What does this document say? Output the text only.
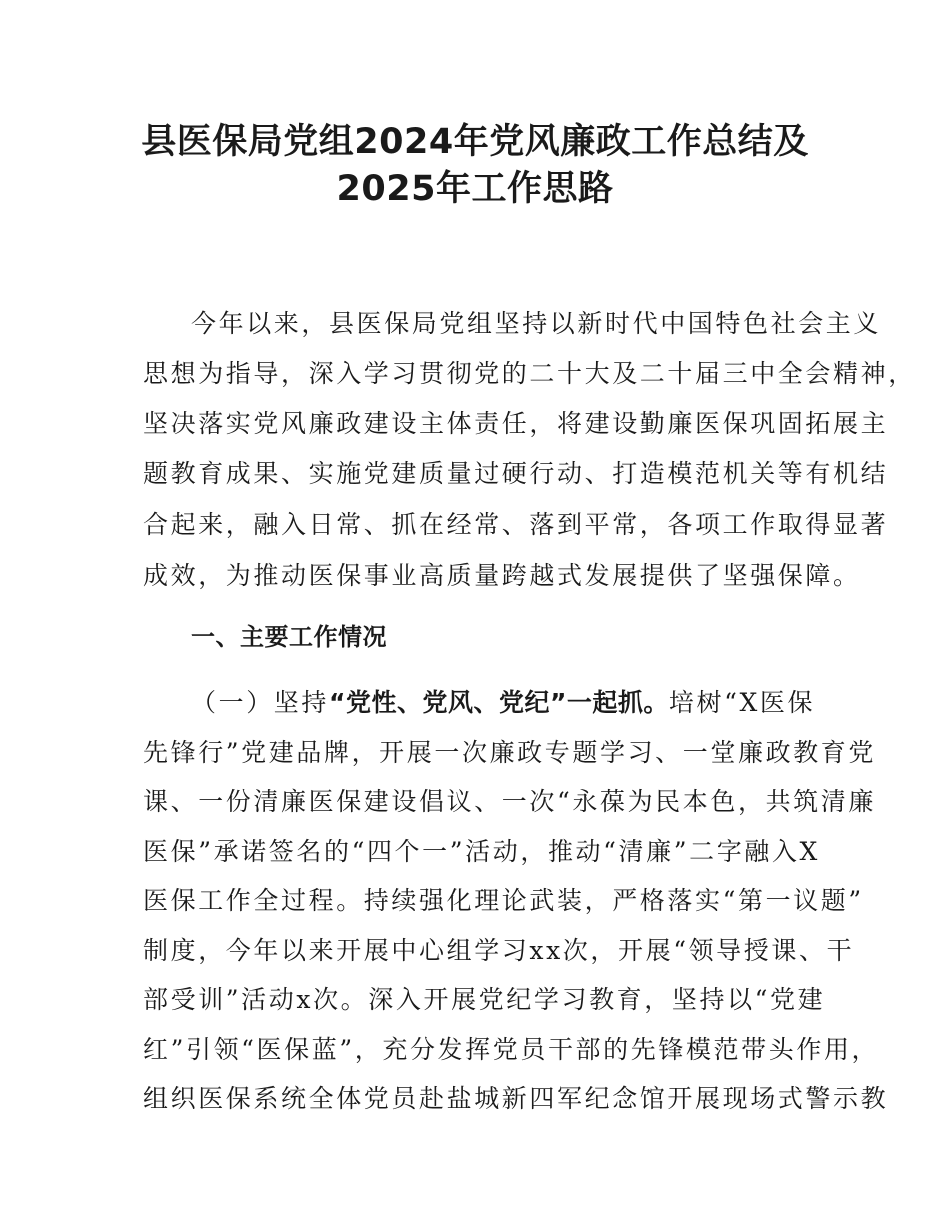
县医保局党组2024年党风廉政工作总结及
2025年工作思路
今年以来，县医保局党组坚持以新时代中国特色社会主义
思想为指导，深入学习贯彻党的二十大及二十届三中全会精神，
坚决落实党风廉政建设主体责任，将建设勤廉医保巩固拓展主
题教育成果、实施党建质量过硬行动、打造模范机关等有机结
合起来，融入日常、抓在经常、落到平常，各项工作取得显著
成效，为推动医保事业高质量跨越式发展提供了坚强保障。
一、主要工作情况
（一）坚持“党性、党风、党纪”一起抓。培树“X医保
先锋行”党建品牌，开展一次廉政专题学习、一堂廉政教育党
课、一份清廉医保建设倡议、一次“永葆为民本色，共筑清廉
医保”承诺签名的“四个一”活动，推动“清廉”二字融入X
医保工作全过程。持续强化理论武装，严格落实“第一议题”
制度，今年以来开展中心组学习xx次，开展“领导授课、干
部受训”活动x次。深入开展党纪学习教育，坚持以“党建
红”引领“医保蓝”，充分发挥党员干部的先锋模范带头作用，
组织医保系统全体党员赴盐城新四军纪念馆开展现场式警示教
